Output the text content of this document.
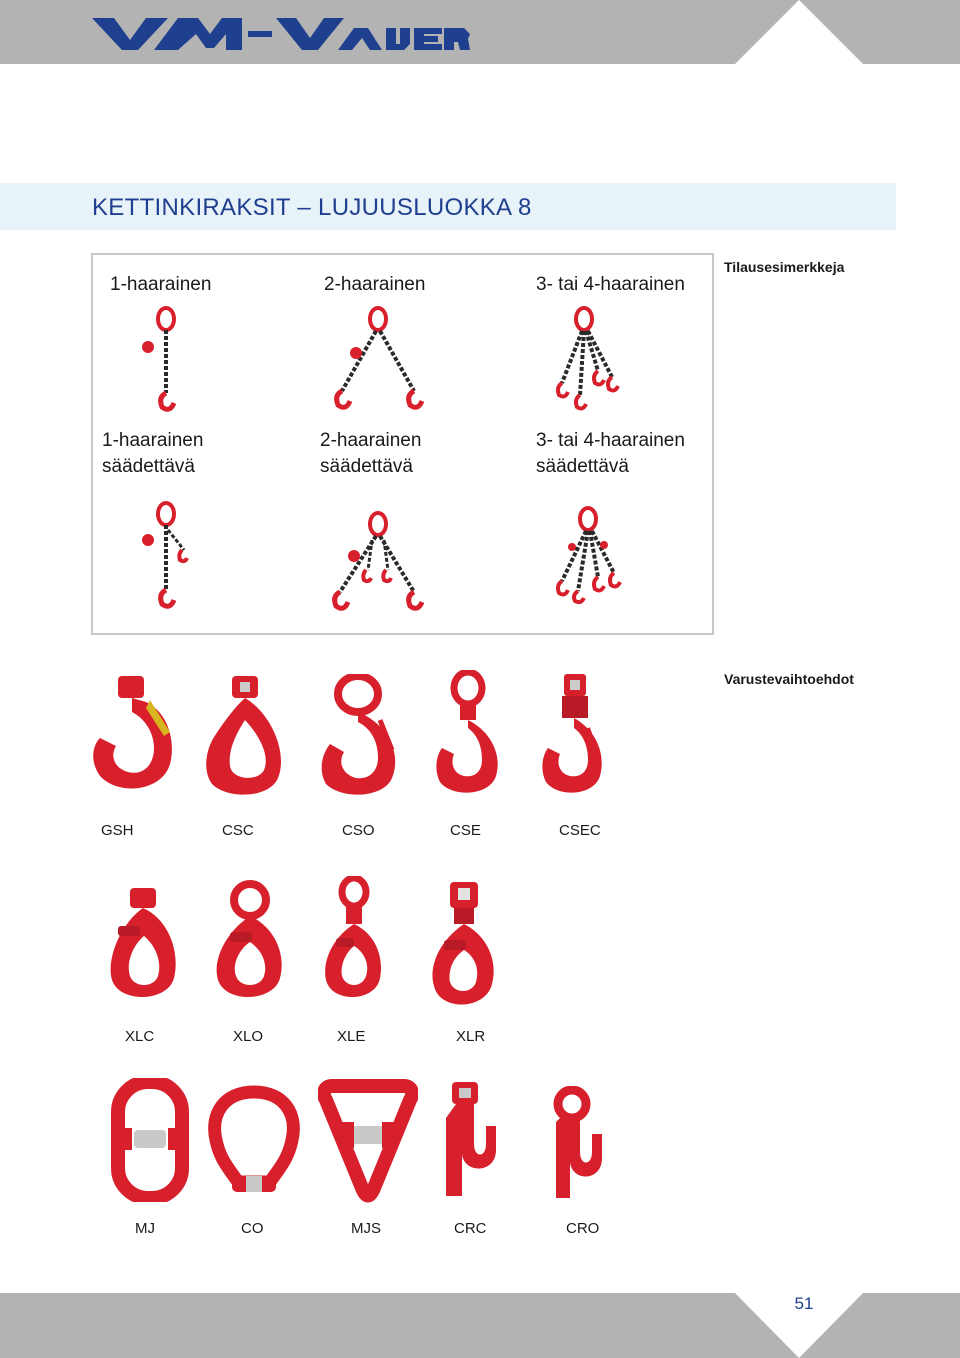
KETTINKIRAKSIT – LUJUUSLUOKKA 8
Tilausesimerkkeja
1-haarainen	2-haarainen	3- tai 4-haarainen
1-haarainen
säädettävä
2-haarainen
säädettävä
3- tai 4-haarainen
säädettävä
Varustevaihtoehdot
GSH	CSC	CSO	CSE	CSEC
XLC	XLO	XLE	XLR
MJ	CO	MJS	CRC	CRO
51
